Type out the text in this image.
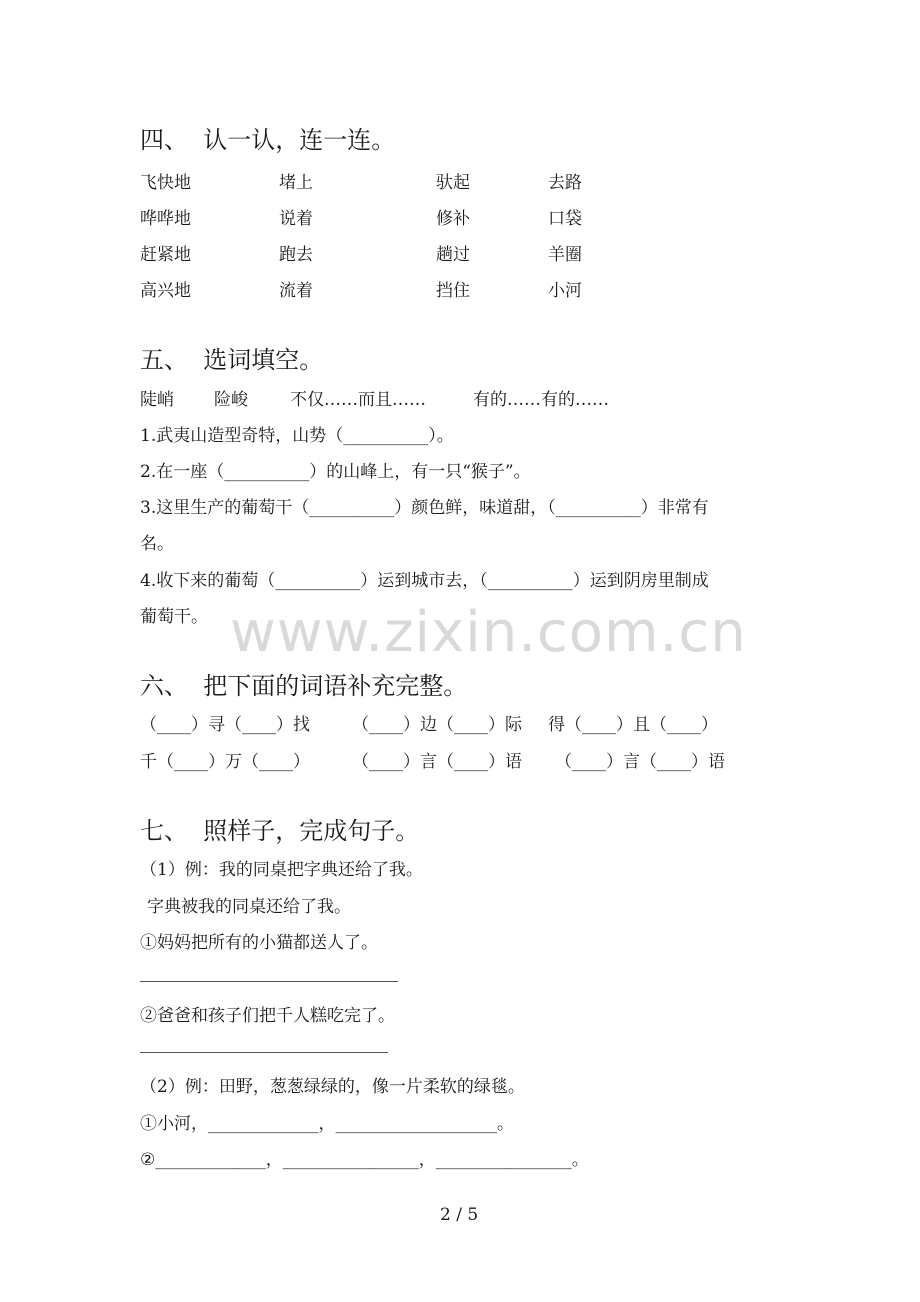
www.zixin.com.cn
四、  认一认，连一连。
飞快地	堵上	驮起	去路
哗哗地	说着	修补	口袋
赶紧地	跑去	趟过	羊圈
高兴地	流着	挡住	小河
五、  选词填空。
陡峭 险峻 不仅……而且……	有的……有的……
1.武夷山造型奇特，山势（__________）。
2.在一座（__________）的山峰上，有一只“猴子”。
3.这里生产的葡萄干（__________）颜色鲜，味道甜，（__________）非常有
名。
4.收下来的葡萄（__________）运到城市去，（__________）运到阴房里制成
葡萄干。
六、  把下面的词语补充完整。
（____）寻（____）找 （____）边（____）际 得（____）且（____）
千（____）万（____） （____）言（____）语 （____）言（____）语
七、  照样子，完成句子。
（1）例：我的同桌把字典还给了我。
字典被我的同桌还给了我。
①妈妈把所有的小猫都送人了。
②爸爸和孩子们把千人糕吃完了。
（2）例：田野，葱葱绿绿的，像一片柔软的绿毯。
①小河，_____________，___________________。
②_____________，________________，________________。
2 / 5
